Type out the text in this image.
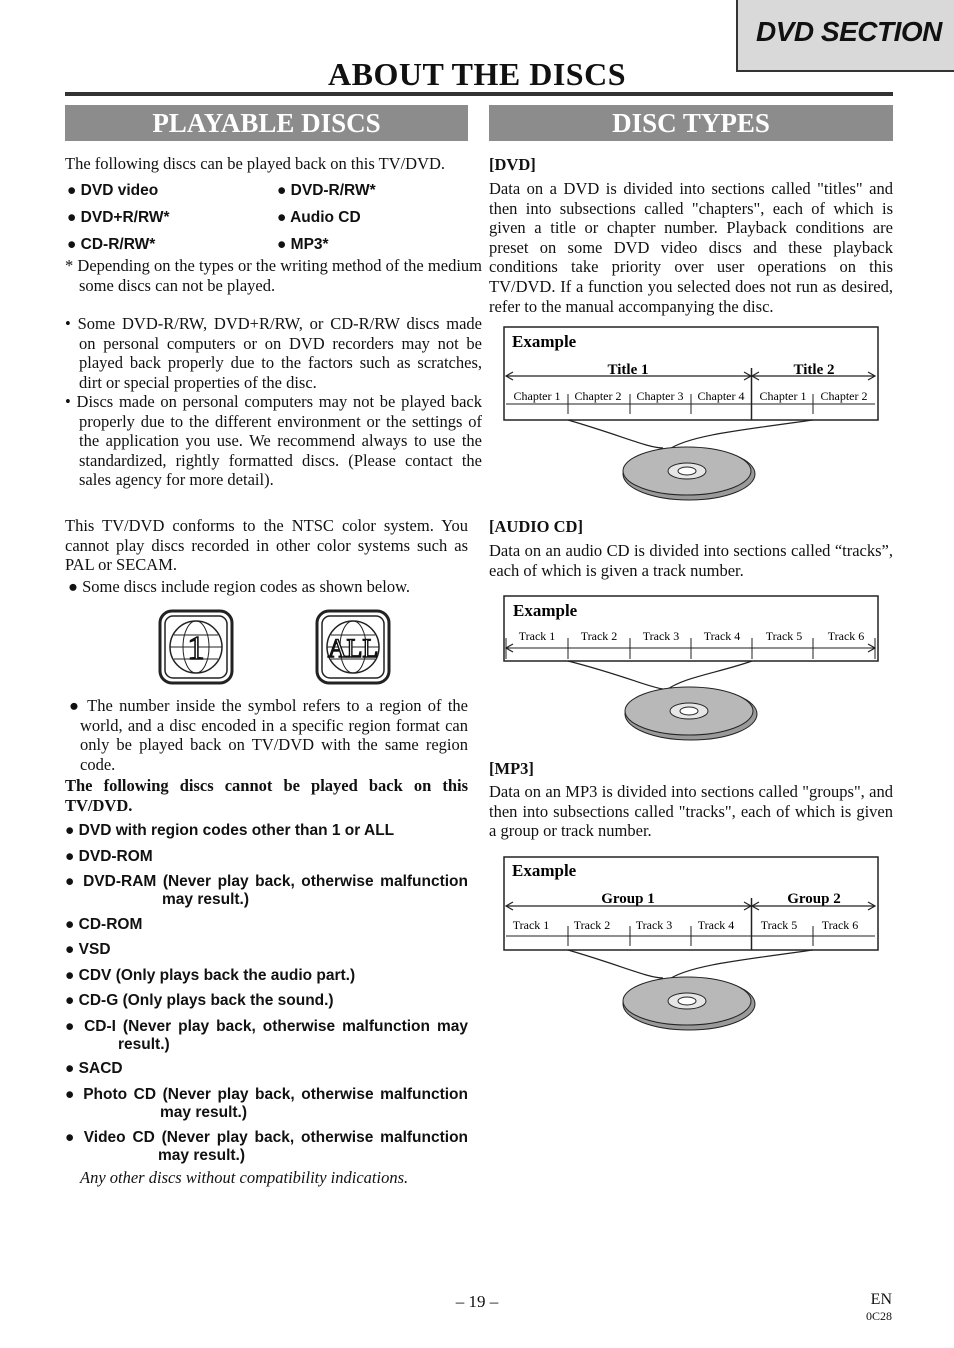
DVD SECTION
ABOUT THE DISCS
PLAYABLE DISCS	DISC TYPES
The following discs can be played back on this TV/DVD.
● DVD video
● DVD+R/RW*
● CD-R/RW*
● DVD-R/RW*
● Audio CD
● MP3*
* Depending on the types or the writing method of the medium some discs can not be played.
• Some DVD-R/RW, DVD+R/RW, or CD-R/RW discs made on personal computers or on DVD recorders may not be played back properly due to the factors such as scratches, dirt or special properties of the disc.
• Discs made on personal computers may not be played back properly due to the different environment or the settings of the application you use. We recommend always to use the standardized, rightly formatted discs. (Please contact the sales agency for more detail).
This TV/DVD conforms to the NTSC color system. You cannot play discs recorded in other color systems such as PAL or SECAM.
● Some discs include region codes as shown below.
1	ALL
● The number inside the symbol refers to a region of the world, and a disc encoded in a specific region format can only be played back on TV/DVD with the same region code.
The following discs cannot be played back on this TV/DVD.
● DVD with region codes other than 1 or ALL
● DVD-ROM
● DVD-RAM (Never play back, otherwise malfunction may result.)
● CD-ROM
● VSD
● CDV (Only plays back the audio part.)
● CD-G (Only plays back the sound.)
● CD-I (Never play back, otherwise malfunction may result.)
● SACD
● Photo CD (Never play back, otherwise malfunction may result.)
● Video CD (Never play back, otherwise malfunction may result.)
Any other discs without compatibility indications.
[DVD]
Data on a DVD is divided into sections called "titles" and then into subsections called "chapters", each of which is given a title or chapter number. Playback conditions are preset on some DVD video discs and these playback conditions take priority over user operations on this TV/DVD. If a function you selected does not run as desired, refer to the manual accompanying the disc.
Example
Title 1	Title 2
Chapter 1 Chapter 2 Chapter 3 Chapter 4 Chapter 1 Chapter 2
[AUDIO CD]
Data on an audio CD is divided into sections called “tracks”, each of which is given a track number.
Example
Track 1 Track 2 Track 3 Track 4 Track 5 Track 6
[MP3]
Data on an MP3 is divided into sections called "groups", and then into subsections called "tracks", each of which is given a group or track number.
Example
Group 1	Group 2
Track 1 Track 2 Track 3 Track 4 Track 5 Track 6
– 19 –	EN
0C28
